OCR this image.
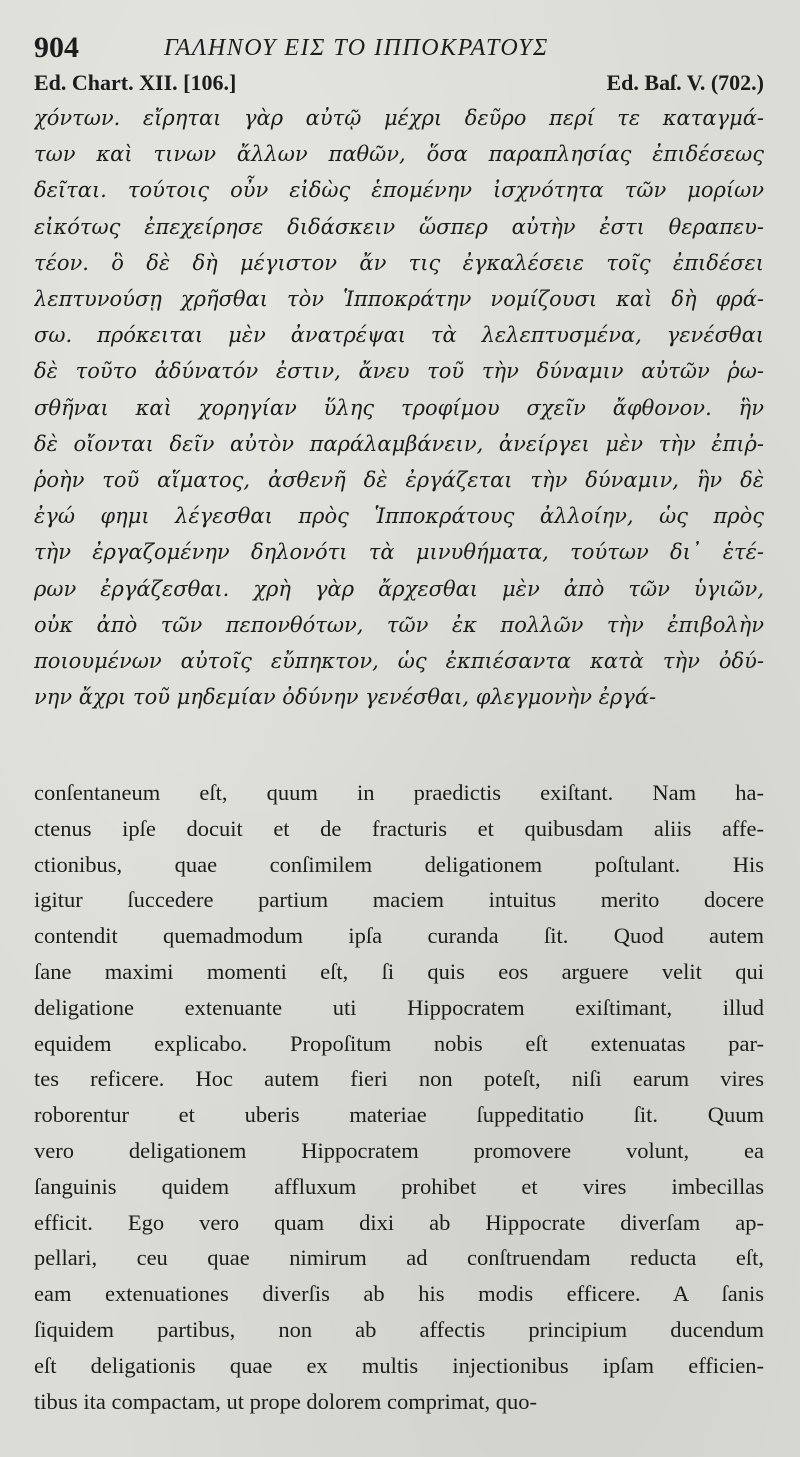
904	ΓΑΛΗΝΟΥ ΕΙΣ ΤΟ ΙΠΠΟΚΡΑΤΟΥΣ
Ed. Chart. XII. [106.]	Ed. Baſ. V. (702.)
χόντων. εἴρηται γὰρ αὐτῷ μέχρι δεῦρο περί τε καταγμά-
των καὶ τινων ἄλλων παθῶν, ὅσα παραπλησίας ἐπιδέσεως
δεῖται. τούτοις οὖν εἰδὼς ἑπομένην ἰσχνότητα τῶν μορίων
εἰκότως ἐπεχείρησε διδάσκειν ὥσπερ αὐτὴν ἐστι θεραπευ-
τέον. ὃ δὲ δὴ μέγιστον ἄν τις ἐγκαλέσειε τοῖς ἐπιδέσει
λεπτυνούσῃ χρῆσθαι τὸν Ἱπποκράτην νομίζουσι καὶ δὴ φρά-
σω. πρόκειται μὲν ἀνατρέψαι τὰ λελεπτυσμένα, γενέσθαι
δὲ τοῦτο ἀδύνατόν ἐστιν, ἄνευ τοῦ τὴν δύναμιν αὐτῶν ῥω-
σθῆναι καὶ χορηγίαν ὕλης τροφίμου σχεῖν ἄφθονον. ἣν
δὲ οἴονται δεῖν αὐτὸν παράλαμβάνειν, ἀνείργει μὲν τὴν ἐπιῤ-
ῥοὴν τοῦ αἵματος, ἀσθενῆ δὲ ἐργάζεται τὴν δύναμιν, ἣν δὲ
ἐγώ φημι λέγεσθαι πρὸς Ἱπποκράτους ἀλλοίην, ὡς πρὸς
τὴν ἐργαζομένην δηλονότι τὰ μινυθήματα, τούτων δι᾽ ἑτέ-
ρων ἐργάζεσθαι. χρὴ γὰρ ἄρχεσθαι μὲν ἀπὸ τῶν ὑγιῶν,
οὐκ ἀπὸ τῶν πεπονθότων, τῶν ἐκ πολλῶν τὴν ἐπιβολὴν
ποιουμένων αὐτοῖς εὔπηκτον, ὡς ἐκπιέσαντα κατὰ τὴν ὀδύ-
νην ἄχρι τοῦ μηδεμίαν ὀδύνην γενέσθαι, φλεγμονὴν ἐργά-
conſentaneum eſt, quum in praedictis exiſtant. Nam ha-
ctenus ipſe docuit et de fracturis et quibusdam aliis affe-
ctionibus, quae conſimilem deligationem poſtulant. His
igitur ſuccedere partium maciem intuitus merito docere
contendit quemadmodum ipſa curanda ſit. Quod autem
ſane maximi momenti eſt, ſi quis eos arguere velit qui
deligatione extenuante uti Hippocratem exiſtimant, illud
equidem explicabo. Propoſitum nobis eſt extenuatas par-
tes reficere. Hoc autem fieri non poteſt, niſi earum vires
roborentur et uberis materiae ſuppeditatio ſit. Quum
vero deligationem Hippocratem promovere volunt, ea
ſanguinis quidem affluxum prohibet et vires imbecillas
efficit. Ego vero quam dixi ab Hippocrate diverſam ap-
pellari, ceu quae nimirum ad conſtruendam reducta eſt,
eam extenuationes diverſis ab his modis efficere. A ſanis
ſiquidem partibus, non ab affectis principium ducendum
eſt deligationis quae ex multis injectionibus ipſam efficien-
tibus ita compactam, ut prope dolorem comprimat, quo-
